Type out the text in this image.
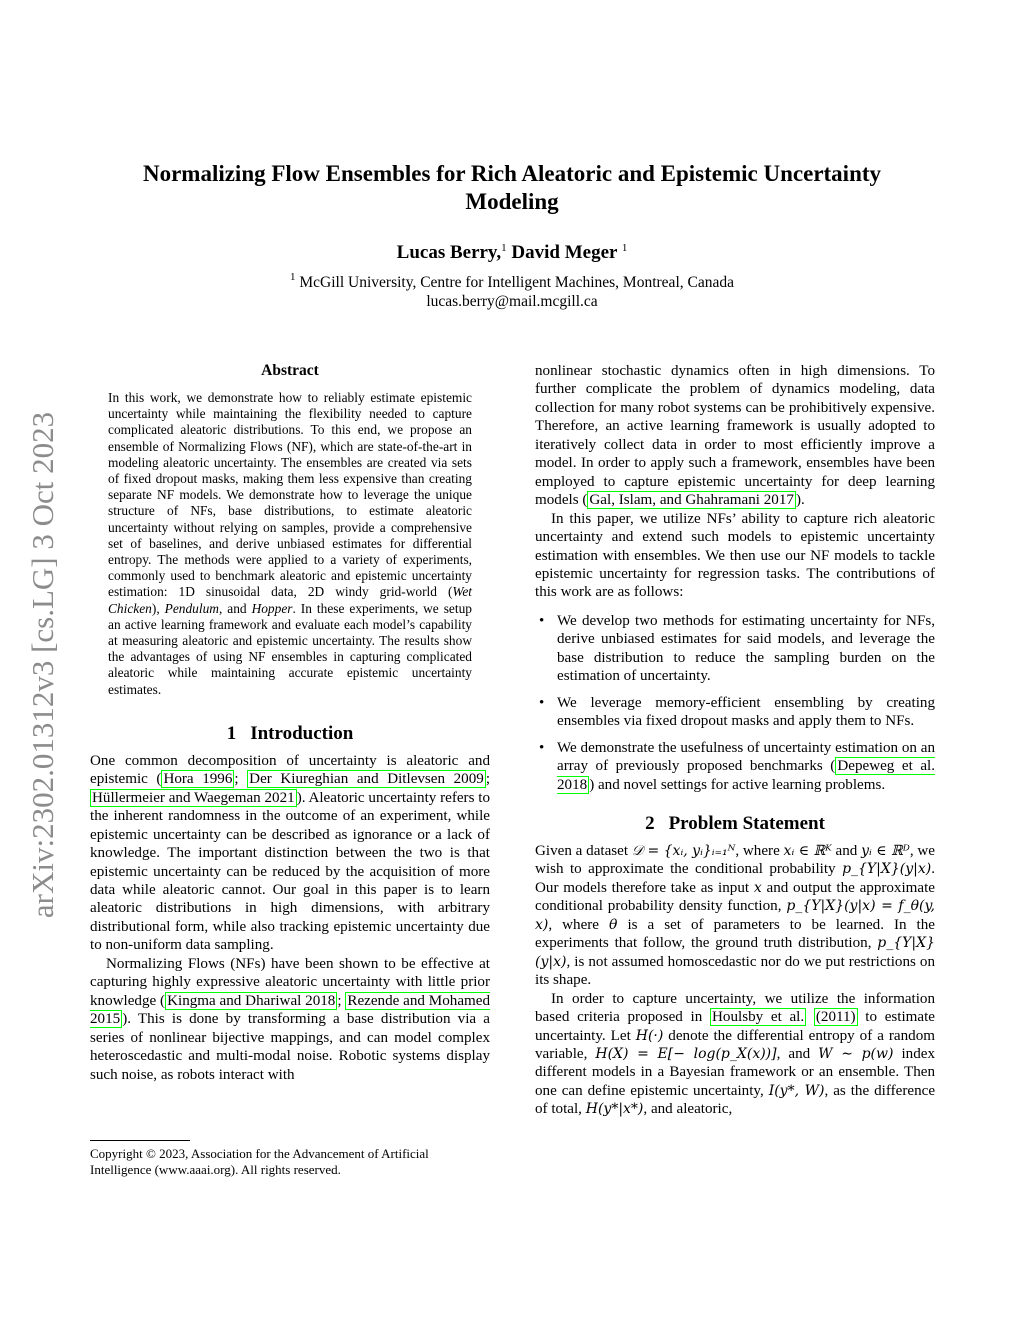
Normalizing Flow Ensembles for Rich Aleatoric and Epistemic Uncertainty Modeling
Lucas Berry,$^1$ David Meger $^1$
$^1$ McGill University, Centre for Intelligent Machines, Montreal, Canada
lucas.berry@mail.mcgill.ca
arXiv:2302.01312v3 [cs.LG] 3 Oct 2023
Abstract
In this work, we demonstrate how to reliably estimate epistemic uncertainty while maintaining the flexibility needed to capture complicated aleatoric distributions. To this end, we propose an ensemble of Normalizing Flows (NF), which are state-of-the-art in modeling aleatoric uncertainty. The ensembles are created via sets of fixed dropout masks, making them less expensive than creating separate NF models. We demonstrate how to leverage the unique structure of NFs, base distributions, to estimate aleatoric uncertainty without relying on samples, provide a comprehensive set of baselines, and derive unbiased estimates for differential entropy. The methods were applied to a variety of experiments, commonly used to benchmark aleatoric and epistemic uncertainty estimation: 1D sinusoidal data, 2D windy grid-world (Wet Chicken), Pendulum, and Hopper. In these experiments, we setup an active learning framework and evaluate each model’s capability at measuring aleatoric and epistemic uncertainty. The results show the advantages of using NF ensembles in capturing complicated aleatoric while maintaining accurate epistemic uncertainty estimates.
1 Introduction

One common decomposition of uncertainty is aleatoric and epistemic ( Hora 1996 ; Der Kiureghian and Ditlevsen 2009 ; Hüllermeier and Waegeman 2021 ). Aleatoric uncertainty refers to the inherent randomness in the outcome of an experiment, while epistemic uncertainty can be described as ignorance or a lack of knowledge. The important distinction between the two is that epistemic uncertainty can be reduced by the acquisition of more data while aleatoric cannot. Our goal in this paper is to learn aleatoric distributions in high dimensions, with arbitrary distributional form, while also tracking epistemic uncertainty due to non-uniform data sampling.

Normalizing Flows (NFs) have been shown to be effective at capturing highly expressive aleatoric uncertainty with little prior knowledge ( Kingma and Dhariwal 2018 ; Rezende and Mohamed 2015 ). This is done by transforming a base distribution via a series of nonlinear bijective mappings, and can model complex heteroscedastic and multi-modal noise. Robotic systems display such noise, as robots interact with

Copyright © 2023, Association for the Advancement of Artificial Intelligence (www.aaai.org). All rights reserved.

nonlinear stochastic dynamics often in high dimensions. To further complicate the problem of dynamics modeling, data collection for many robot systems can be prohibitively expensive. Therefore, an active learning framework is usually adopted to iteratively collect data in order to most efficiently improve a model. In order to apply such a framework, ensembles have been employed to capture epistemic uncertainty for deep learning models ( Gal, Islam, and Ghahramani 2017 ).

In this paper, we utilize NFs’ ability to capture rich aleatoric uncertainty and extend such models to epistemic uncertainty estimation with ensembles. We then use our NF models to tackle epistemic uncertainty for regression tasks. The contributions of this work are as follows:

• We develop two methods for estimating uncertainty for NFs, derive unbiased estimates for said models, and leverage the base distribution to reduce the sampling burden on the estimation of uncertainty.
• We leverage memory-efficient ensembling by creating ensembles via fixed dropout masks and apply them to NFs.
• We demonstrate the usefulness of uncertainty estimation on an array of previously proposed benchmarks ( Depeweg et al. 2018 ) and novel settings for active learning problems.
2 Problem Statement

Given a dataset 𝒟 = {xᵢ, yᵢ}ᵢ₌₁ᴺ, where xᵢ ∈ ℝᴷ and yᵢ ∈ ℝᴰ, we wish to approximate the conditional probability p_{Y|X}(y|x). Our models therefore take as input x and output the approximate conditional probability density function, p_{Y|X}(y|x) = f_θ(y, x), where θ is a set of parameters to be learned. In the experiments that follow, the ground truth distribution, p_{Y|X}(y|x), is not assumed homoscedastic nor do we put restrictions on its shape.

In order to capture uncertainty, we utilize the information based criteria proposed in Houlsby et al. (2011) to estimate uncertainty. Let H(·) denote the differential entropy of a random variable, H(X) = E[− log(p_X(x))], and W ∼ p(w) index different models in a Bayesian framework or an ensemble. Then one can define epistemic uncertainty, I(y*, W), as the difference of total, H(y*|x*), and aleatoric,
